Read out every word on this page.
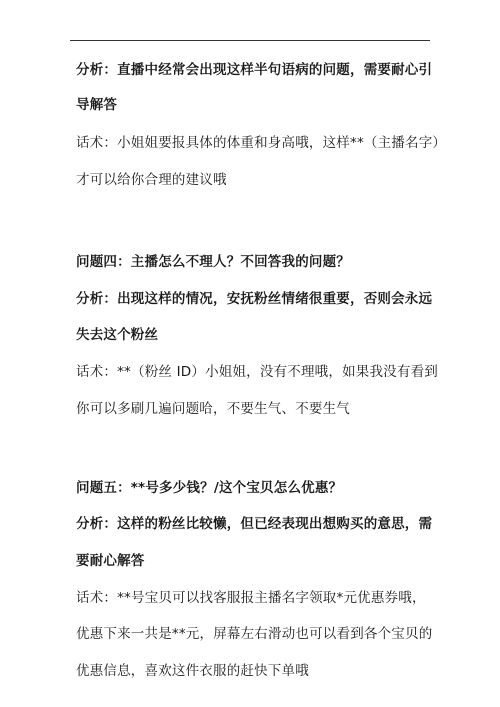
分析：直播中经常会出现这样半句语病的问题，需要耐心引
导解答
话术：小姐姐要报具体的体重和身高哦，这样**（主播名字）
才可以给你合理的建议哦
问题四：主播怎么不理人？不回答我的问题？
分析：出现这样的情况，安抚粉丝情绪很重要，否则会永远
失去这个粉丝
话术：**（粉丝 ID）小姐姐，没有不理哦，如果我没有看到
你可以多刷几遍问题哈，不要生气、不要生气
问题五：**号多少钱？/这个宝贝怎么优惠？
分析：这样的粉丝比较懒，但已经表现出想购买的意思，需
要耐心解答
话术：**号宝贝可以找客服报主播名字领取*元优惠券哦，
优惠下来一共是**元，屏幕左右滑动也可以看到各个宝贝的
优惠信息，喜欢这件衣服的赶快下单哦
